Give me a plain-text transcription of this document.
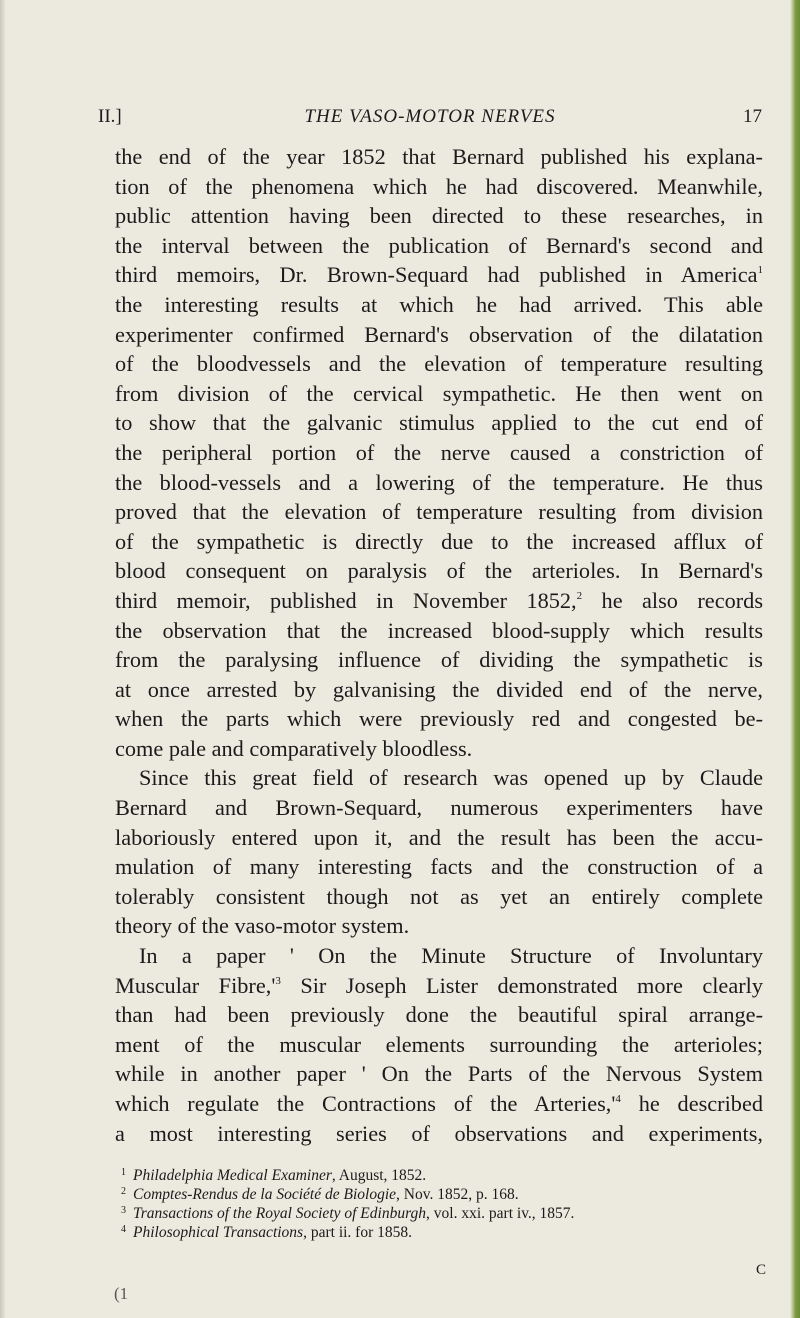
II.]	THE VASO-MOTOR NERVES	17
the end of the year 1852 that Bernard published his explana-
tion of the phenomena which he had discovered. Meanwhile,
public attention having been directed to these researches, in
the interval between the publication of Bernard's second and
third memoirs, Dr. Brown-Sequard had published in America$^1$
the interesting results at which he had arrived. This able
experimenter confirmed Bernard's observation of the dilatation
of the bloodvessels and the elevation of temperature resulting
from division of the cervical sympathetic. He then went on
to show that the galvanic stimulus applied to the cut end of
the peripheral portion of the nerve caused a constriction of
the blood-vessels and a lowering of the temperature. He thus
proved that the elevation of temperature resulting from division
of the sympathetic is directly due to the increased afflux of
blood consequent on paralysis of the arterioles. In Bernard's
third memoir, published in November 1852,$^2$ he also records
the observation that the increased blood-supply which results
from the paralysing influence of dividing the sympathetic is
at once arrested by galvanising the divided end of the nerve,
when the parts which were previously red and congested be-
come pale and comparatively bloodless.
Since this great field of research was opened up by Claude
Bernard and Brown-Sequard, numerous experimenters have
laboriously entered upon it, and the result has been the accu-
mulation of many interesting facts and the construction of a
tolerably consistent though not as yet an entirely complete
theory of the vaso-motor system.
In a paper ' On the Minute Structure of Involuntary
Muscular $Fibre,'^3$ Sir Joseph Lister demonstrated more clearly
than had been previously done the beautiful spiral arrange-
ment of the muscular elements surrounding the arterioles;
while in another paper ' On the Parts of the Nervous System
which regulate the Contractions of the $Arteries,'^4$ he described
a most interesting series of observations and experiments,
1 Philadelphia Medical Examiner, August, 1852.
2 Comptes-Rendus de la Société de Biologie, Nov. 1852, p. 168.
3 Transactions of the Royal Society of Edinburgh, vol. xxi. part iv., 1857.
4 Philosophical Transactions, part ii. for 1858.
C
(1
